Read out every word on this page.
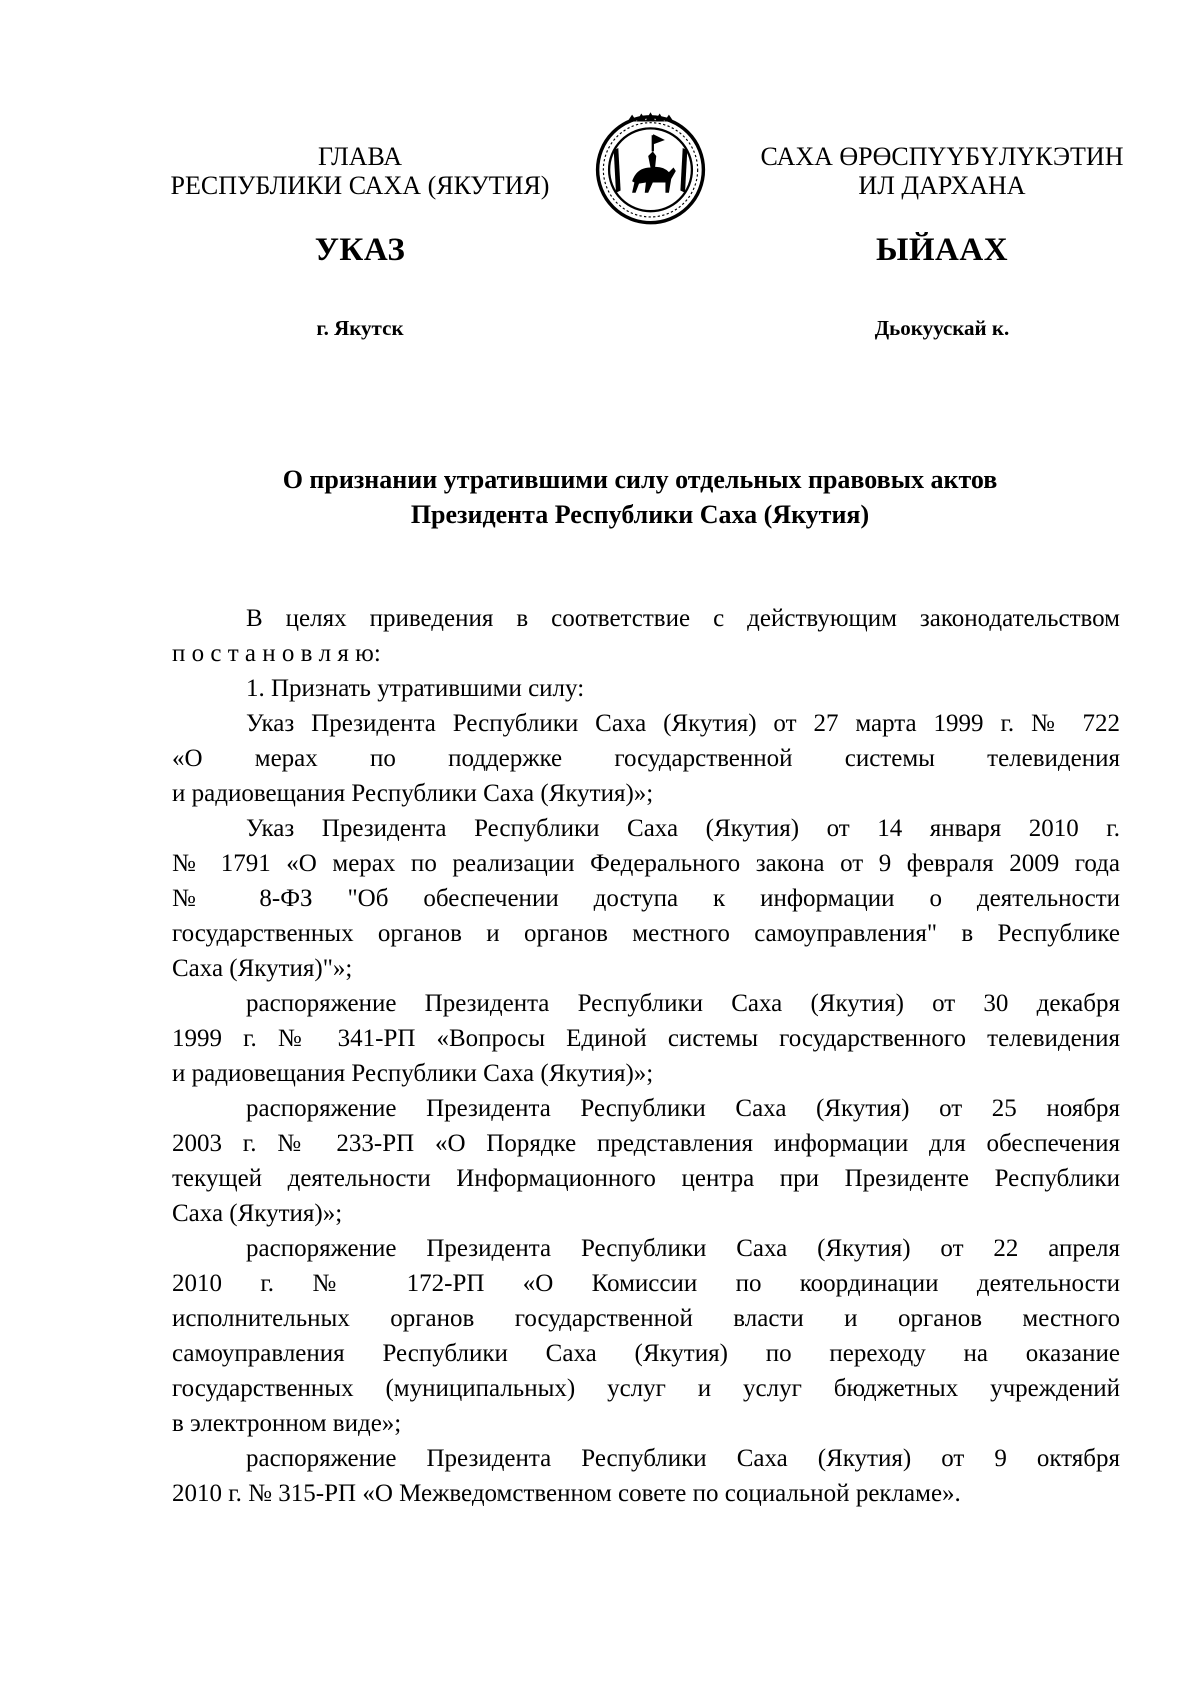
ГЛАВА
РЕСПУБЛИКИ САХА (ЯКУТИЯ)
САХА ӨРӨСПҮҮБҮЛҮКЭТИН
ИЛ ДАРХАНА
УКАЗ	ЫЙААХ
г. Якутск	Дьокуускай к.
О признании утратившими силу отдельных правовых актов
Президента Республики Саха (Якутия)
В целях приведения в соответствие с действующим законодательством
п о с т а н о в л я ю:
1. Признать утратившими силу:
Указ Президента Республики Саха (Якутия) от 27 марта 1999 г. № 722
«О мерах по поддержке государственной системы телевидения
и радиовещания Республики Саха (Якутия)»;
Указ Президента Республики Саха (Якутия) от 14 января 2010 г.
№ 1791 «О мерах по реализации Федерального закона от 9 февраля 2009 года
№ 8-ФЗ "Об обеспечении доступа к информации о деятельности
государственных органов и органов местного самоуправления" в Республике
Саха (Якутия)"»;
распоряжение Президента Республики Саха (Якутия) от 30 декабря
1999 г. № 341-РП «Вопросы Единой системы государственного телевидения
и радиовещания Республики Саха (Якутия)»;
распоряжение Президента Республики Саха (Якутия) от 25 ноября
2003 г. № 233-РП «О Порядке представления информации для обеспечения
текущей деятельности Информационного центра при Президенте Республики
Саха (Якутия)»;
распоряжение Президента Республики Саха (Якутия) от 22 апреля
2010 г. № 172-РП «О Комиссии по координации деятельности
исполнительных органов государственной власти и органов местного
самоуправления Республики Саха (Якутия) по переходу на оказание
государственных (муниципальных) услуг и услуг бюджетных учреждений
в электронном виде»;
распоряжение Президента Республики Саха (Якутия) от 9 октября
2010 г. № 315-РП «О Межведомственном совете по социальной рекламе».
